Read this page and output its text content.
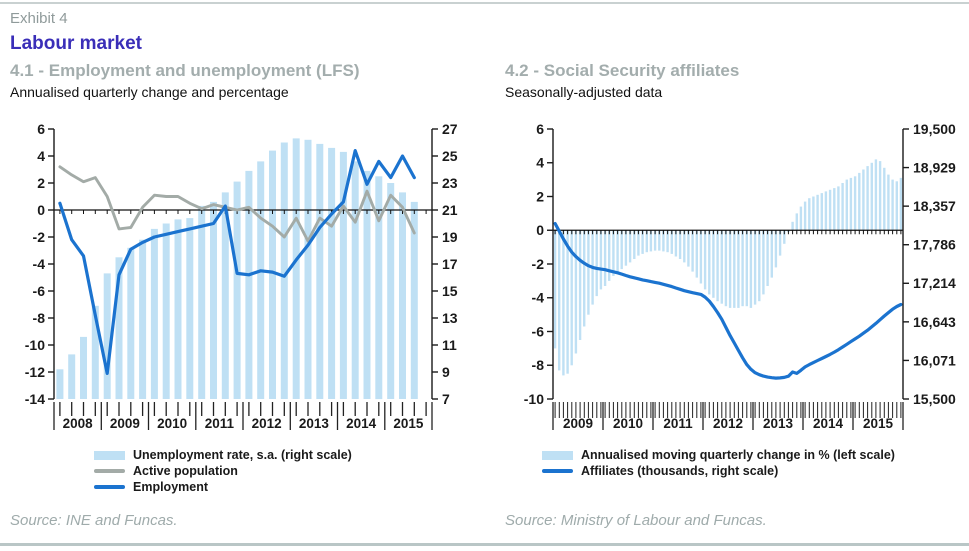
Exhibit 4
Labour market
4.1 - Employment and unemployment (LFS)
Annualised quarterly change and percentage
6
4
2
0
-2
-4
-6
-8
-10
-12
-14
27
25
23
21
19
17
15
13
11
9
7
2008 2009 2010 2011 2012 2013 2014 2015
Unemployment rate, s.a. (right scale)
Active population
Employment
4.2 - Social Security affiliates
Seasonally-adjusted data
6
4
2
0
-2
-4
-6
-8
-10
19,500
18,929
18,357
17,786
17,214
16,643
16,071
15,500
2009 2010 2011 2012 2013 2014 2015
Annualised moving quarterly change in % (left scale)
Affiliates (thousands, right scale)
Source: INE and Funcas.	Source: Ministry of Labour and Funcas.
